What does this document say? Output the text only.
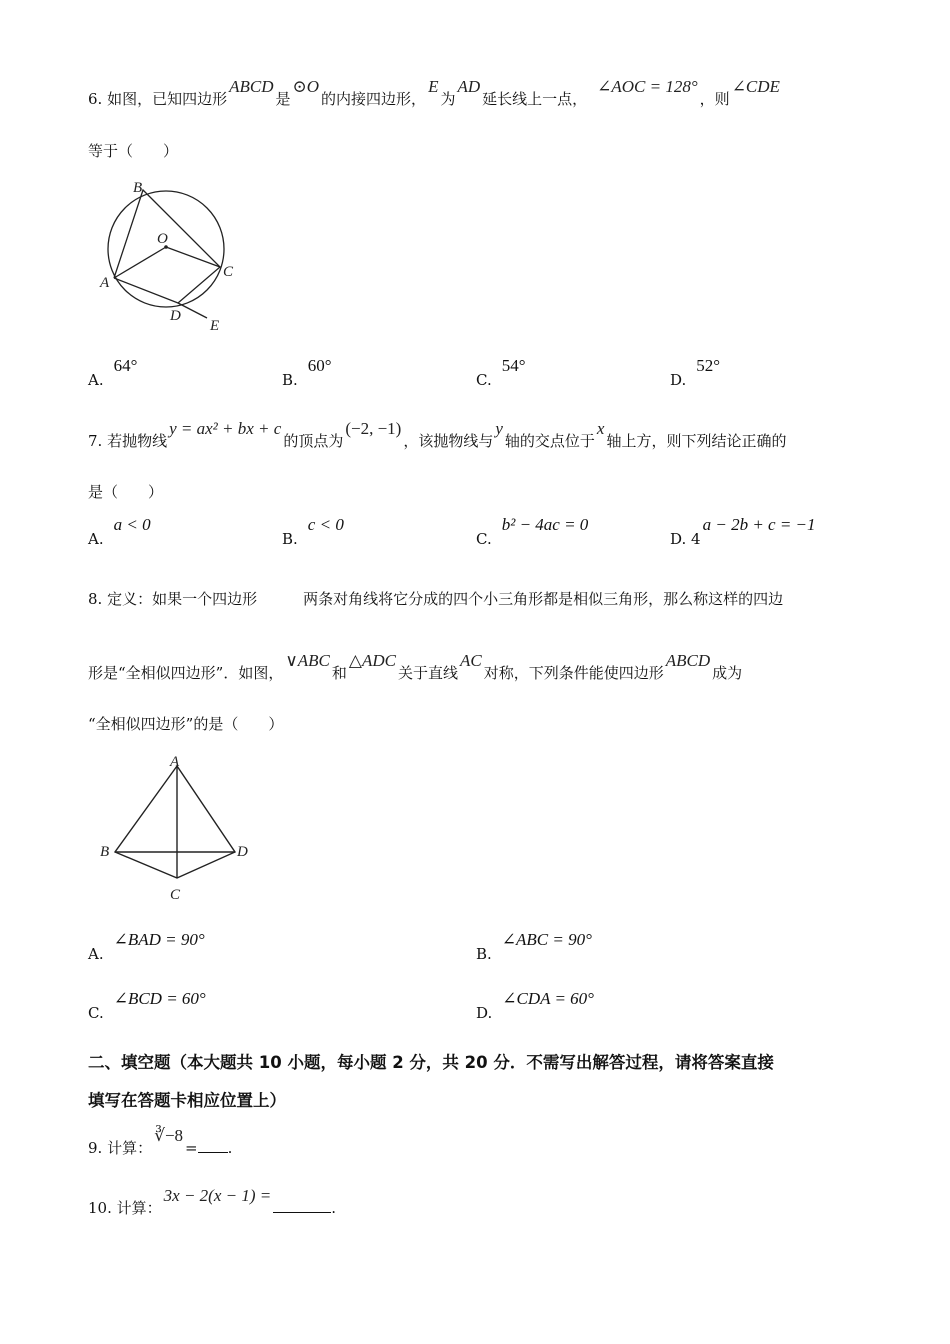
6. 如图，已知四边形ABCD是⊙O的内接四边形，E为AD延长线上一点，∠AOC = 128°，则∠CDE
等于（　　）
B
O
A
C
D
E
A.64°
B.60°
C.54°
D.52°
7. 若抛物线y = ax² + bx + c的顶点为(−2, −1)，该抛物线与y轴的交点位于x轴上方，则下列结论正确的
是（　　）
A.a < 0
B.c < 0
C.b² − 4ac = 0
D. 4a − 2b + c = −1
8. 定义：如果一个四边形	两条对角线将它分成的四个小三角形都是相似三角形，那么称这样的四边
形是“全相似四边形”．如图，∨ABC和△ADC关于直线AC对称，下列条件能使四边形ABCD成为
“全相似四边形”的是（　　）
A
B	D
C
A.∠BAD = 90°
B.∠ABC = 90°
C.∠BCD = 60°
D.∠CDA = 60°
二、填空题（本大题共 10 小题，每小题 2 分，共 20 分．不需写出解答过程，请将答案直接
填写在答题卡相应位置上）
9. 计算：∛−8= .
10. 计算：3x − 2(x − 1) =.
